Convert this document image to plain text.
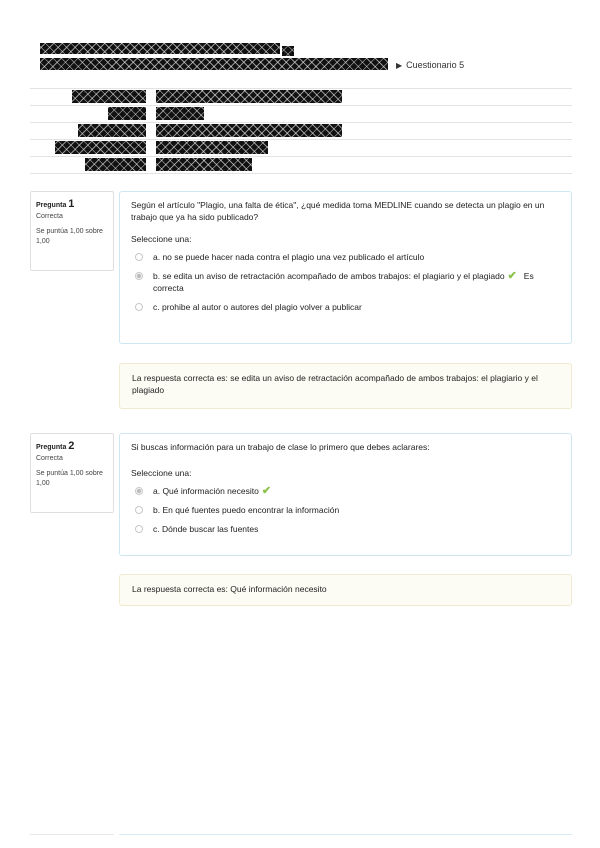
▶ Cuestionario 5
Pregunta 1
Correcta
Se puntúa 1,00 sobre 1,00
Según el artículo "Plagio, una falta de ética", ¿qué medida toma MEDLINE cuando se detecta un plagio en un trabajo que ya ha sido publicado?
Seleccione una:
a. no se puede hacer nada contra el plagio una vez publicado el artículo
b. se edita un aviso de retractación acompañado de ambos trabajos: el plagiario y el plagiado ✔ Es correcta
c. prohibe al autor o autores del plagio volver a publicar
La respuesta correcta es: se edita un aviso de retractación acompañado de ambos trabajos: el plagiario y el plagiado
Pregunta 2
Correcta
Se puntúa 1,00 sobre 1,00
Si buscas información para un trabajo de clase lo primero que debes aclarares:
Seleccione una:
a. Qué información necesito ✔
b. En qué fuentes puedo encontrar la información
c. Dónde buscar las fuentes
La respuesta correcta es: Qué información necesito
